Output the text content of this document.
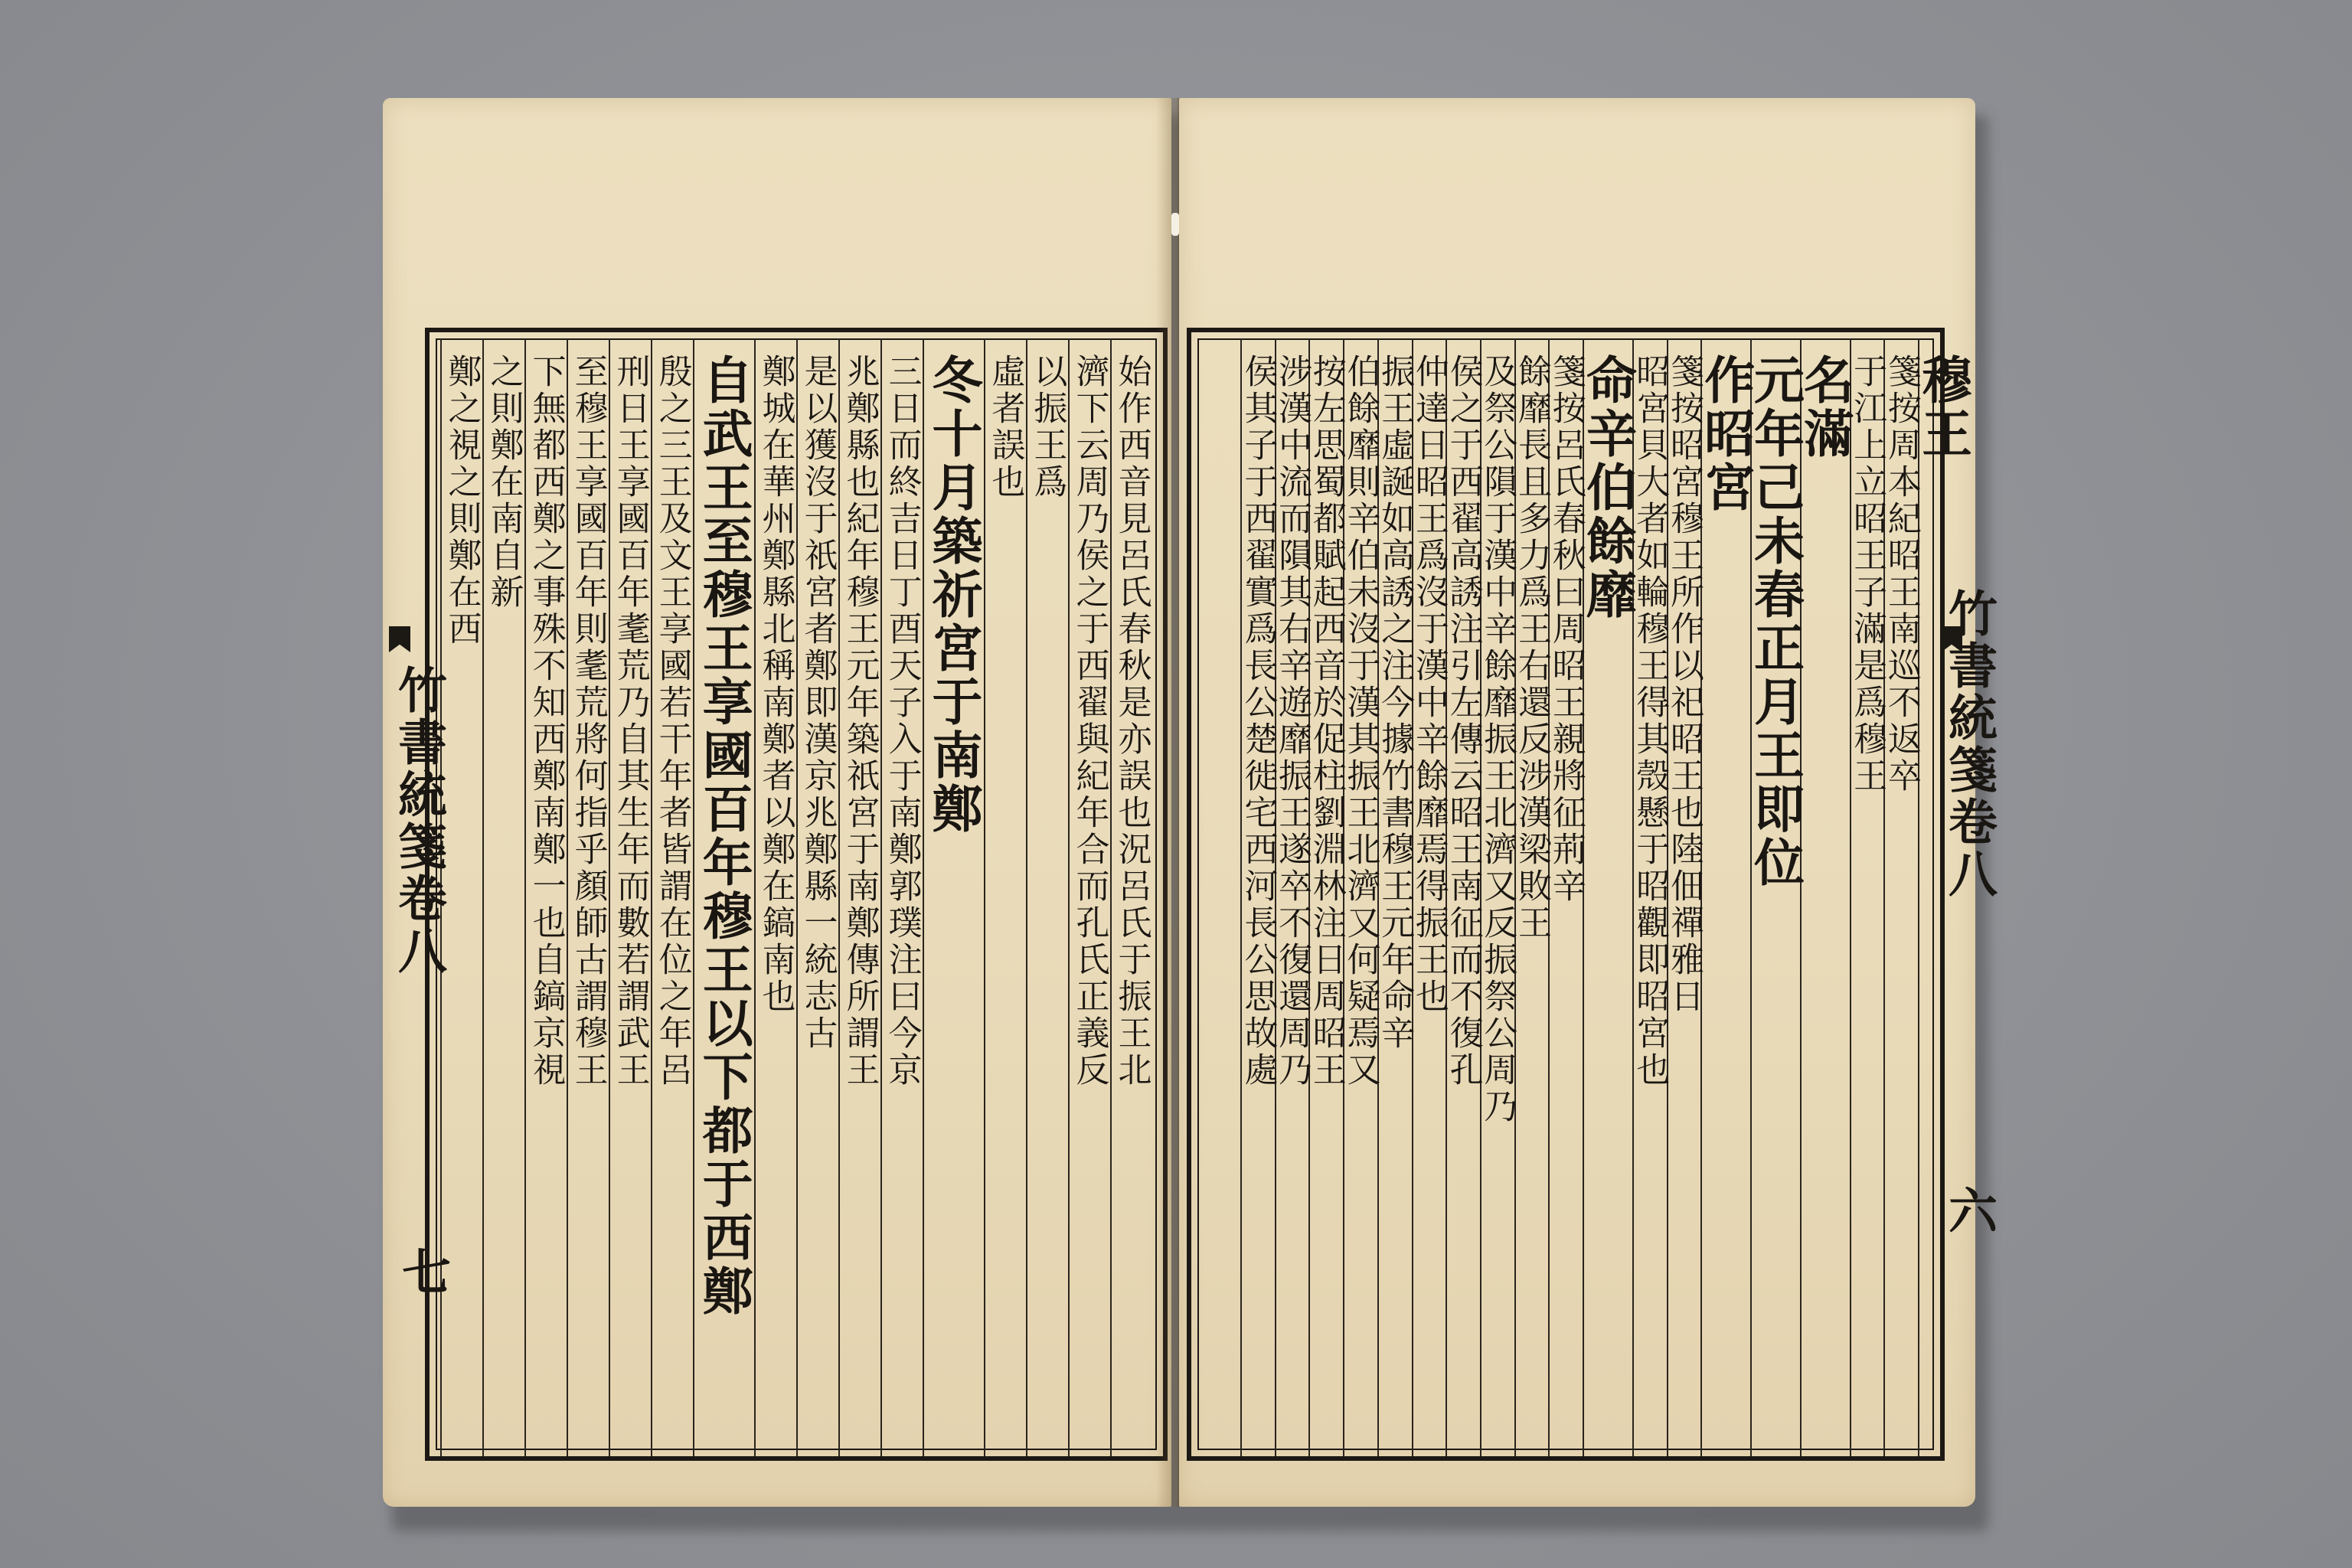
始作西音見呂氏春秋是亦誤也況呂氏于振王北
濟下云周乃侯之于西翟與紀年合而孔氏正義反
以振王爲
虛者誤也
冬十月築祈宮于南鄭
三日而終吉日丁酉天子入于南鄭郭璞注曰今京
兆鄭縣也紀年穆王元年築祇宮于南鄭傳所謂王
是以獲沒于祇宮者鄭即漢京兆鄭縣一統志古
鄭城在華州鄭縣北稱南鄭者以鄭在鎬南也
自武王至穆王享國百年穆王以下都于西鄭
殷之三王及文王享國若干年者皆謂在位之年呂
刑日王享國百年耄荒乃自其生年而數若謂武王
至穆王享國百年則耄荒將何指乎顏師古謂穆王
下無都西鄭之事殊不知西鄭南鄭一也自鎬京視
之則鄭在南自新
鄭之視之則鄭在西
竹書統箋卷八
七
穆王
箋按周本紀昭王南巡不返卒
于江上立昭王子滿是爲穆王
名滿
元年己未春正月王即位
作昭宮
箋按昭宮穆王所作以祀昭王也陸佃禪雅日
昭宮貝大者如輪穆王得其殼懸于昭觀即昭宮也
命辛伯餘靡
箋按呂氏春秋曰周昭王親將征荊辛
餘靡長且多力爲王右還反涉漢梁敗王
及祭公隕于漢中辛餘靡振王北濟又反振祭公周乃
侯之于西翟高誘注引左傳云昭王南征而不復孔
仲達日昭王爲沒于漢中辛餘靡焉得振王也
振王虛誕如高誘之注今據竹書穆王元年命辛
伯餘靡則辛伯未沒于漢其振王北濟又何疑焉又
按左思蜀都賦起西音於促柱劉淵林注日周昭王
涉漢中流而隕其右辛遊靡振王遂卒不復還周乃
侯其子于西翟實爲長公楚徙宅西河長公思故處	竹書統箋卷八
六
